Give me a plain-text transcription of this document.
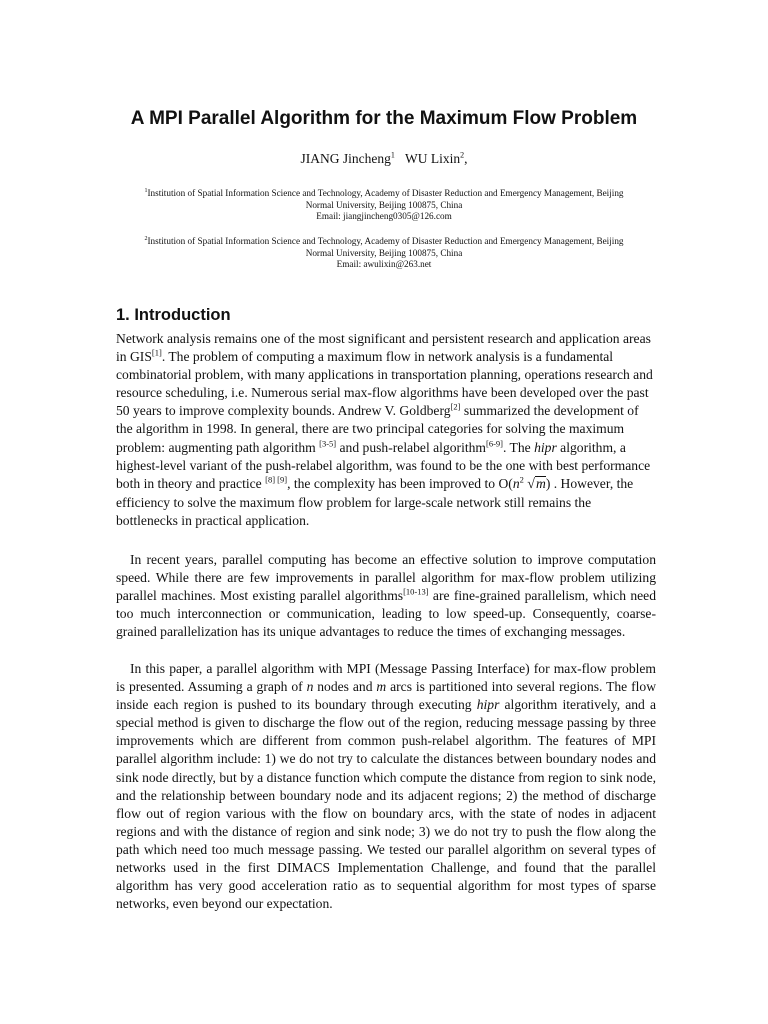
A MPI Parallel Algorithm for the Maximum Flow Problem
JIANG Jincheng$^1$ WU Lixin$^2$,
$^1$Institution of Spatial Information Science and Technology, Academy of Disaster Reduction and Emergency Management, Beijing
Normal University, Beijing 100875, China
Email: jiangjincheng0305@126.com
$^2$Institution of Spatial Information Science and Technology, Academy of Disaster Reduction and Emergency Management, Beijing
Normal University, Beijing 100875, China
Email: awulixin@263.net
1. Introduction
Network analysis remains one of the most significant and persistent research and application areas in GIS[1]. The problem of computing a maximum flow in network analysis is a fundamental combinatorial problem, with many applications in transportation planning, operations research and resource scheduling, i.e. Numerous serial max-flow algorithms have been developed over the past 50 years to improve complexity bounds. Andrew V. Goldberg[2] summarized the development of the algorithm in 1998. In general, there are two principal categories for solving the maximum problem: augmenting path algorithm [3-5] and push-relabel algorithm[6-9]. The hipr algorithm, a highest-level variant of the push-relabel algorithm, was found to be the one with best performance both in theory and practice [8] [9], the complexity has been improved to $O(n^2$ √m) . However, the efficiency to solve the maximum flow problem for large-scale network still remains the bottlenecks in practical application.
In recent years, parallel computing has become an effective solution to improve computation speed. While there are few improvements in parallel algorithm for max-flow problem utilizing parallel machines. Most existing parallel algorithms[10-13] are fine-grained parallelism, which need too much interconnection or communication, leading to low speed-up. Consequently, coarse-grained parallelization has its unique advantages to reduce the times of exchanging messages.
In this paper, a parallel algorithm with MPI (Message Passing Interface) for max-flow problem is presented. Assuming a graph of n nodes and m arcs is partitioned into several regions. The flow inside each region is pushed to its boundary through executing hipr algorithm iteratively, and a special method is given to discharge the flow out of the region, reducing message passing by three improvements which are different from common push-relabel algorithm. The features of MPI parallel algorithm include: 1) we do not try to calculate the distances between boundary nodes and sink node directly, but by a distance function which compute the distance from region to sink node, and the relationship between boundary node and its adjacent regions; 2) the method of discharge flow out of region various with the flow on boundary arcs, with the state of nodes in adjacent regions and with the distance of region and sink node; 3) we do not try to push the flow along the path which need too much message passing. We tested our parallel algorithm on several types of networks used in the first DIMACS Implementation Challenge, and found that the parallel algorithm has very good acceleration ratio as to sequential algorithm for most types of sparse networks, even beyond our expectation.
